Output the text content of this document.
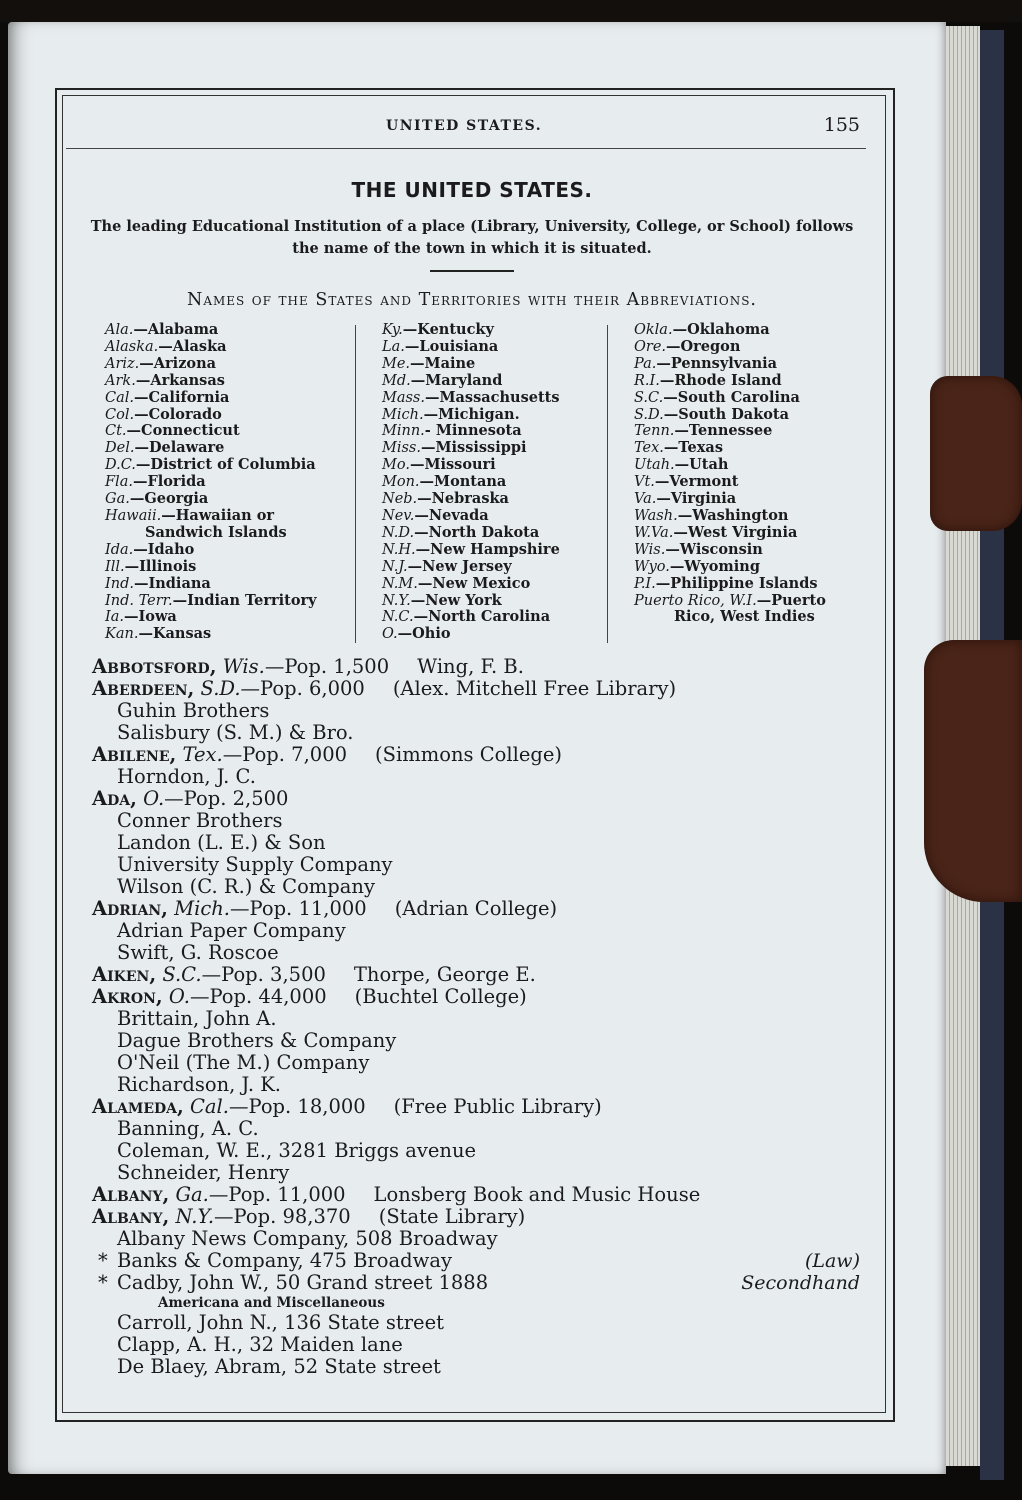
UNITED STATES.	155
THE UNITED STATES.
The leading Educational Institution of a place (Library, University, College, or School) follows the name of the town in which it is situated.
Names of the States and Territories with their Abbreviations.
Ala.—Alabama
Alaska.—Alaska
Ariz.—Arizona
Ark.—Arkansas
Cal.—California
Col.—Colorado
Ct.—Connecticut
Del.—Delaware
D.C.—District of Columbia
Fla.—Florida
Ga.—Georgia
Hawaii.—Hawaiian or
Sandwich Islands
Ida.—Idaho
Ill.—Illinois
Ind.—Indiana
Ind. Terr.—Indian Territory
Ia.—Iowa
Kan.—Kansas
Ky.—Kentucky
La.—Louisiana
Me.—Maine
Md.—Maryland
Mass.—Massachusetts
Mich.—Michigan.
Minn.- Minnesota
Miss.—Mississippi
Mo.—Missouri
Mon.—Montana
Neb.—Nebraska
Nev.—Nevada
N.D.—North Dakota
N.H.—New Hampshire
N.J.—New Jersey
N.M.—New Mexico
N.Y.—New York
N.C.—North Carolina
O.—Ohio
Okla.—Oklahoma
Ore.—Oregon
Pa.—Pennsylvania
R.I.—Rhode Island
S.C.—South Carolina
S.D.—South Dakota
Tenn.—Tennessee
Tex.—Texas
Utah.—Utah
Vt.—Vermont
Va.—Virginia
Wash.—Washington
W.Va.—West Virginia
Wis.—Wisconsin
Wyo.—Wyoming
P.I.—Philippine Islands
Puerto Rico, W.I.—Puerto
Rico, West Indies
Abbotsford, Wis.—Pop. 1,500 Wing, F. B.
Aberdeen, S.D.—Pop. 6,000 (Alex. Mitchell Free Library)
Guhin Brothers
Salisbury (S. M.) & Bro.
Abilene, Tex.—Pop. 7,000 (Simmons College)
Horndon, J. C.
Ada, O.—Pop. 2,500
Conner Brothers
Landon (L. E.) & Son
University Supply Company
Wilson (C. R.) & Company
Adrian, Mich.—Pop. 11,000 (Adrian College)
Adrian Paper Company
Swift, G. Roscoe
Aiken, S.C.—Pop. 3,500 Thorpe, George E.
Akron, O.—Pop. 44,000 (Buchtel College)
Brittain, John A.
Dague Brothers & Company
O'Neil (The M.) Company
Richardson, J. K.
Alameda, Cal.—Pop. 18,000 (Free Public Library)
Banning, A. C.
Coleman, W. E., 3281 Briggs avenue
Schneider, Henry
Albany, Ga.—Pop. 11,000 Lonsberg Book and Music House
Albany, N.Y.—Pop. 98,370 (State Library)
Albany News Company, 508 Broadway
* Banks & Company, 475 Broadway	(Law)
* Cadby, John W., 50 Grand street 1888	Secondhand
Americana and Miscellaneous
Carroll, John N., 136 State street
Clapp, A. H., 32 Maiden lane
De Blaey, Abram, 52 State street
